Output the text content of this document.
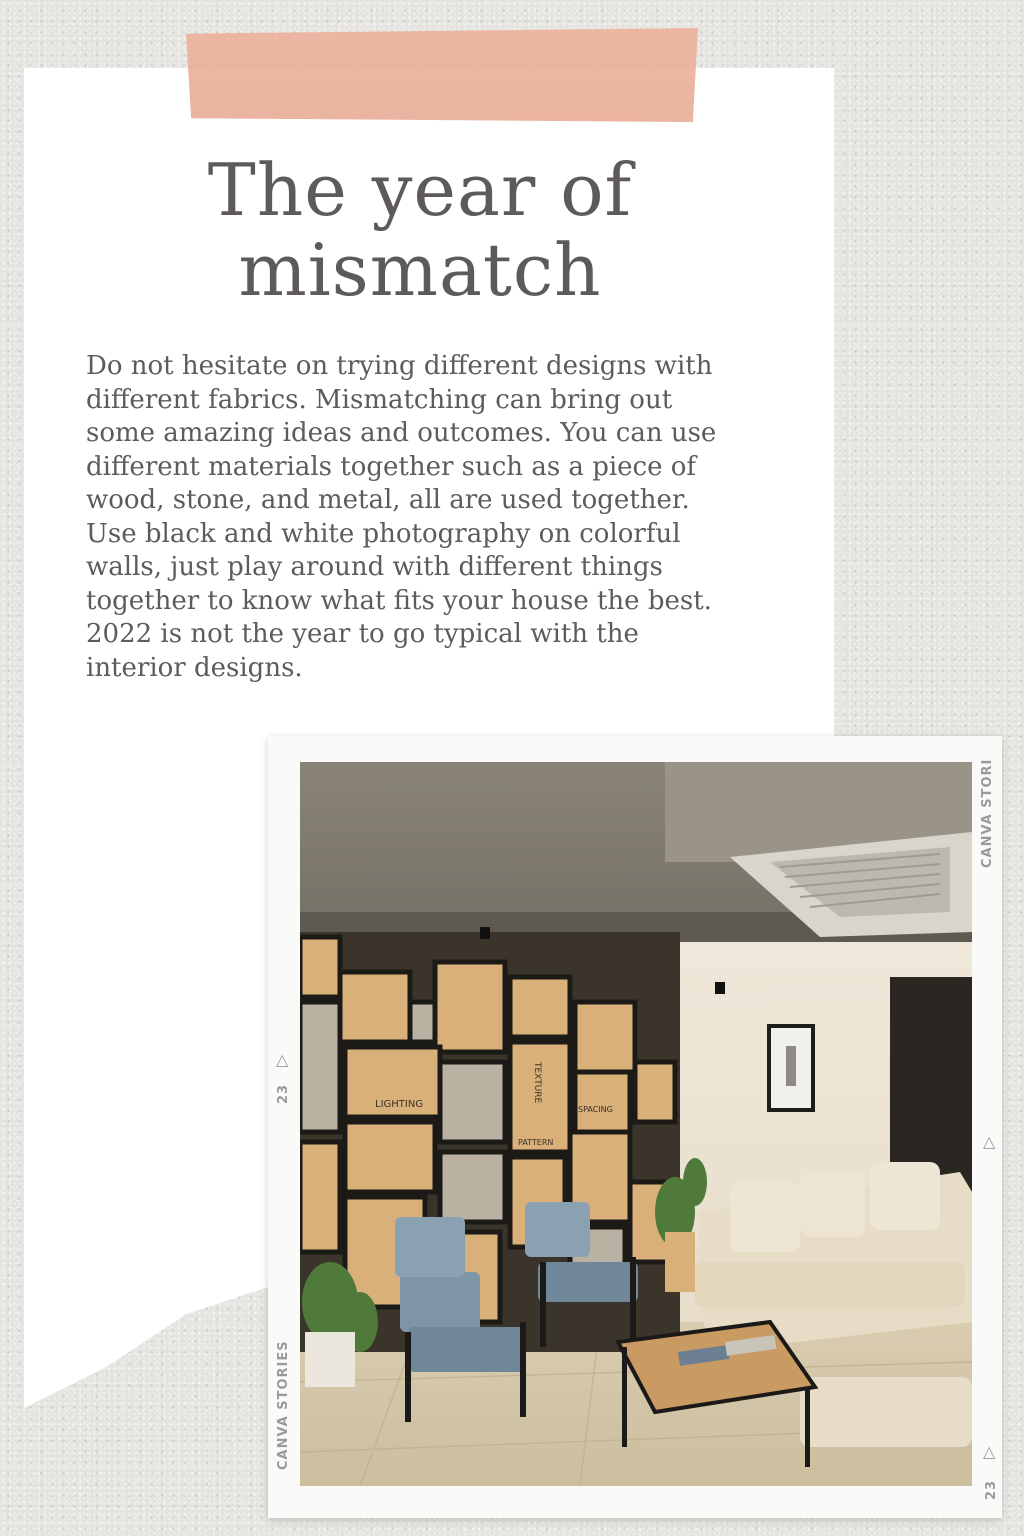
The year of
mismatch
Do not hesitate on trying different designs with
different fabrics. Mismatching can bring out
some amazing ideas and outcomes. You can use
different materials together such as a piece of
wood, stone, and metal, all are used together.
Use black and white photography on colorful
walls, just play around with different things
together to know what fits your house the best.
2022 is not the year to go typical with the
interior designs.
CANVA STORI
23
△
CANVA STORIES
△
△
23
LIGHTING
TEXTURE
SPACING
PATTERN
